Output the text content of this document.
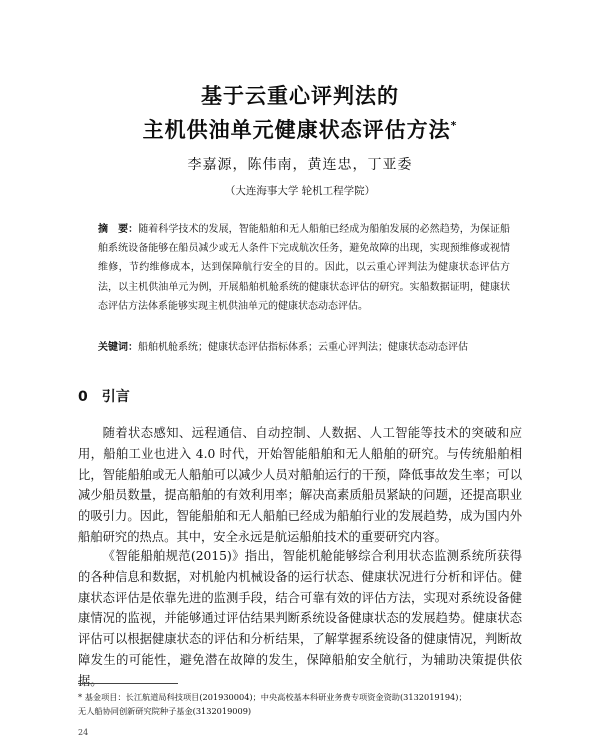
基于云重心评判法的
主机供油单元健康状态评估方法*
李嘉源，陈伟南，黄连忠，丁亚委
（大连海事大学 轮机工程学院）
摘　要：随着科学技术的发展，智能船舶和无人船舶已经成为船舶发展的必然趋势，为保证船舶系统设备能够在船员减少或无人条件下完成航次任务，避免故障的出现，实现预维修或视情维修，节约维修成本，达到保障航行安全的目的。因此，以云重心评判法为健康状态评估方法，以主机供油单元为例，开展船舶机舱系统的健康状态评估的研究。实船数据证明，健康状态评估方法体系能够实现主机供油单元的健康状态动态评估。
关键词：船舶机舱系统；健康状态评估指标体系；云重心评判法；健康状态动态评估
0 引言

随着状态感知、远程通信、自动控制、人数据、人工智能等技术的突破和应用，船舶工业也进入 4.0 时代，开始智能船舶和无人船舶的研究。与传统船舶相比，智能船舶或无人船舶可以减少人员对船舶运行的干预，降低事故发生率；可以减少船员数量，提高船舶的有效利用率；解决高素质船员紧缺的问题，还提高职业的吸引力。因此，智能船舶和无人船舶已经成为船舶行业的发展趋势，成为国内外船舶研究的热点。其中，安全永远是航运船舶技术的重要研究内容。

《智能船舶规范(2015)》指出，智能机舱能够综合利用状态监测系统所获得的各种信息和数据，对机舱内机械设备的运行状态、健康状况进行分析和评估。健康状态评估是依靠先进的监测手段，结合可靠有效的评估方法，实现对系统设备健康情况的监视，并能够通过评估结果判断系统设备健康状态的发展趋势。健康状态评估可以根据健康状态的评估和分析结果，了解掌握系统设备的健康情况，判断故障发生的可能性，避免潜在故障的发生，保障船舶安全航行，为辅助决策提供依据。

* 基金项目：长江航道局科技项目(201930004)；中央高校基本科研业务费专项资金资助(3132019194)；
无人船协同创新研究院种子基金(3132019009)
24
